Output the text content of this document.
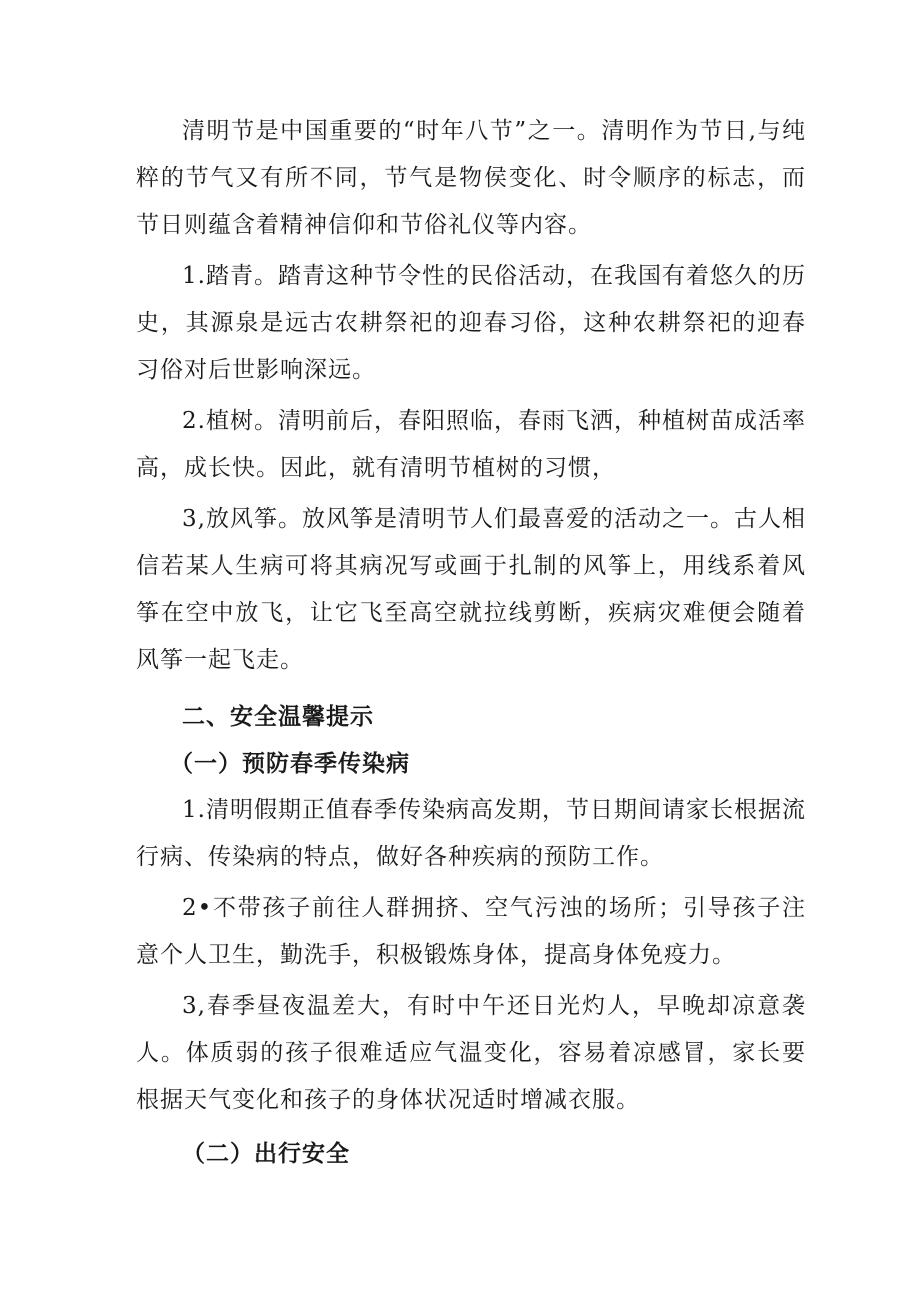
清明节是中国重要的“时年八节”之一。清明作为节日,与纯粹的节气又有所不同，节气是物侯变化、时令顺序的标志，而节日则蕴含着精神信仰和节俗礼仪等内容。

1.踏青。踏青这种节令性的民俗活动，在我国有着悠久的历史，其源泉是远古农耕祭祀的迎春习俗，这种农耕祭祀的迎春习俗对后世影响深远。

2.植树。清明前后，春阳照临，春雨飞洒，种植树苗成活率高，成长快。因此，就有清明节植树的习惯，

3,放风筝。放风筝是清明节人们最喜爱的活动之一。古人相信若某人生病可将其病况写或画于扎制的风筝上，用线系着风筝在空中放飞，让它飞至高空就拉线剪断，疾病灾难便会随着风筝一起飞走。

二、安全温馨提示
（一）预防春季传染病

1.清明假期正值春季传染病高发期，节日期间请家长根据流行病、传染病的特点，做好各种疾病的预防工作。

2•不带孩子前往人群拥挤、空气污浊的场所；引导孩子注意个人卫生，勤洗手，积极锻炼身体，提高身体免疫力。

3,春季昼夜温差大，有时中午还日光灼人，早晚却凉意袭人。体质弱的孩子很难适应气温变化，容易着凉感冒，家长要根据天气变化和孩子的身体状况适时增减衣服。

（二）出行安全
